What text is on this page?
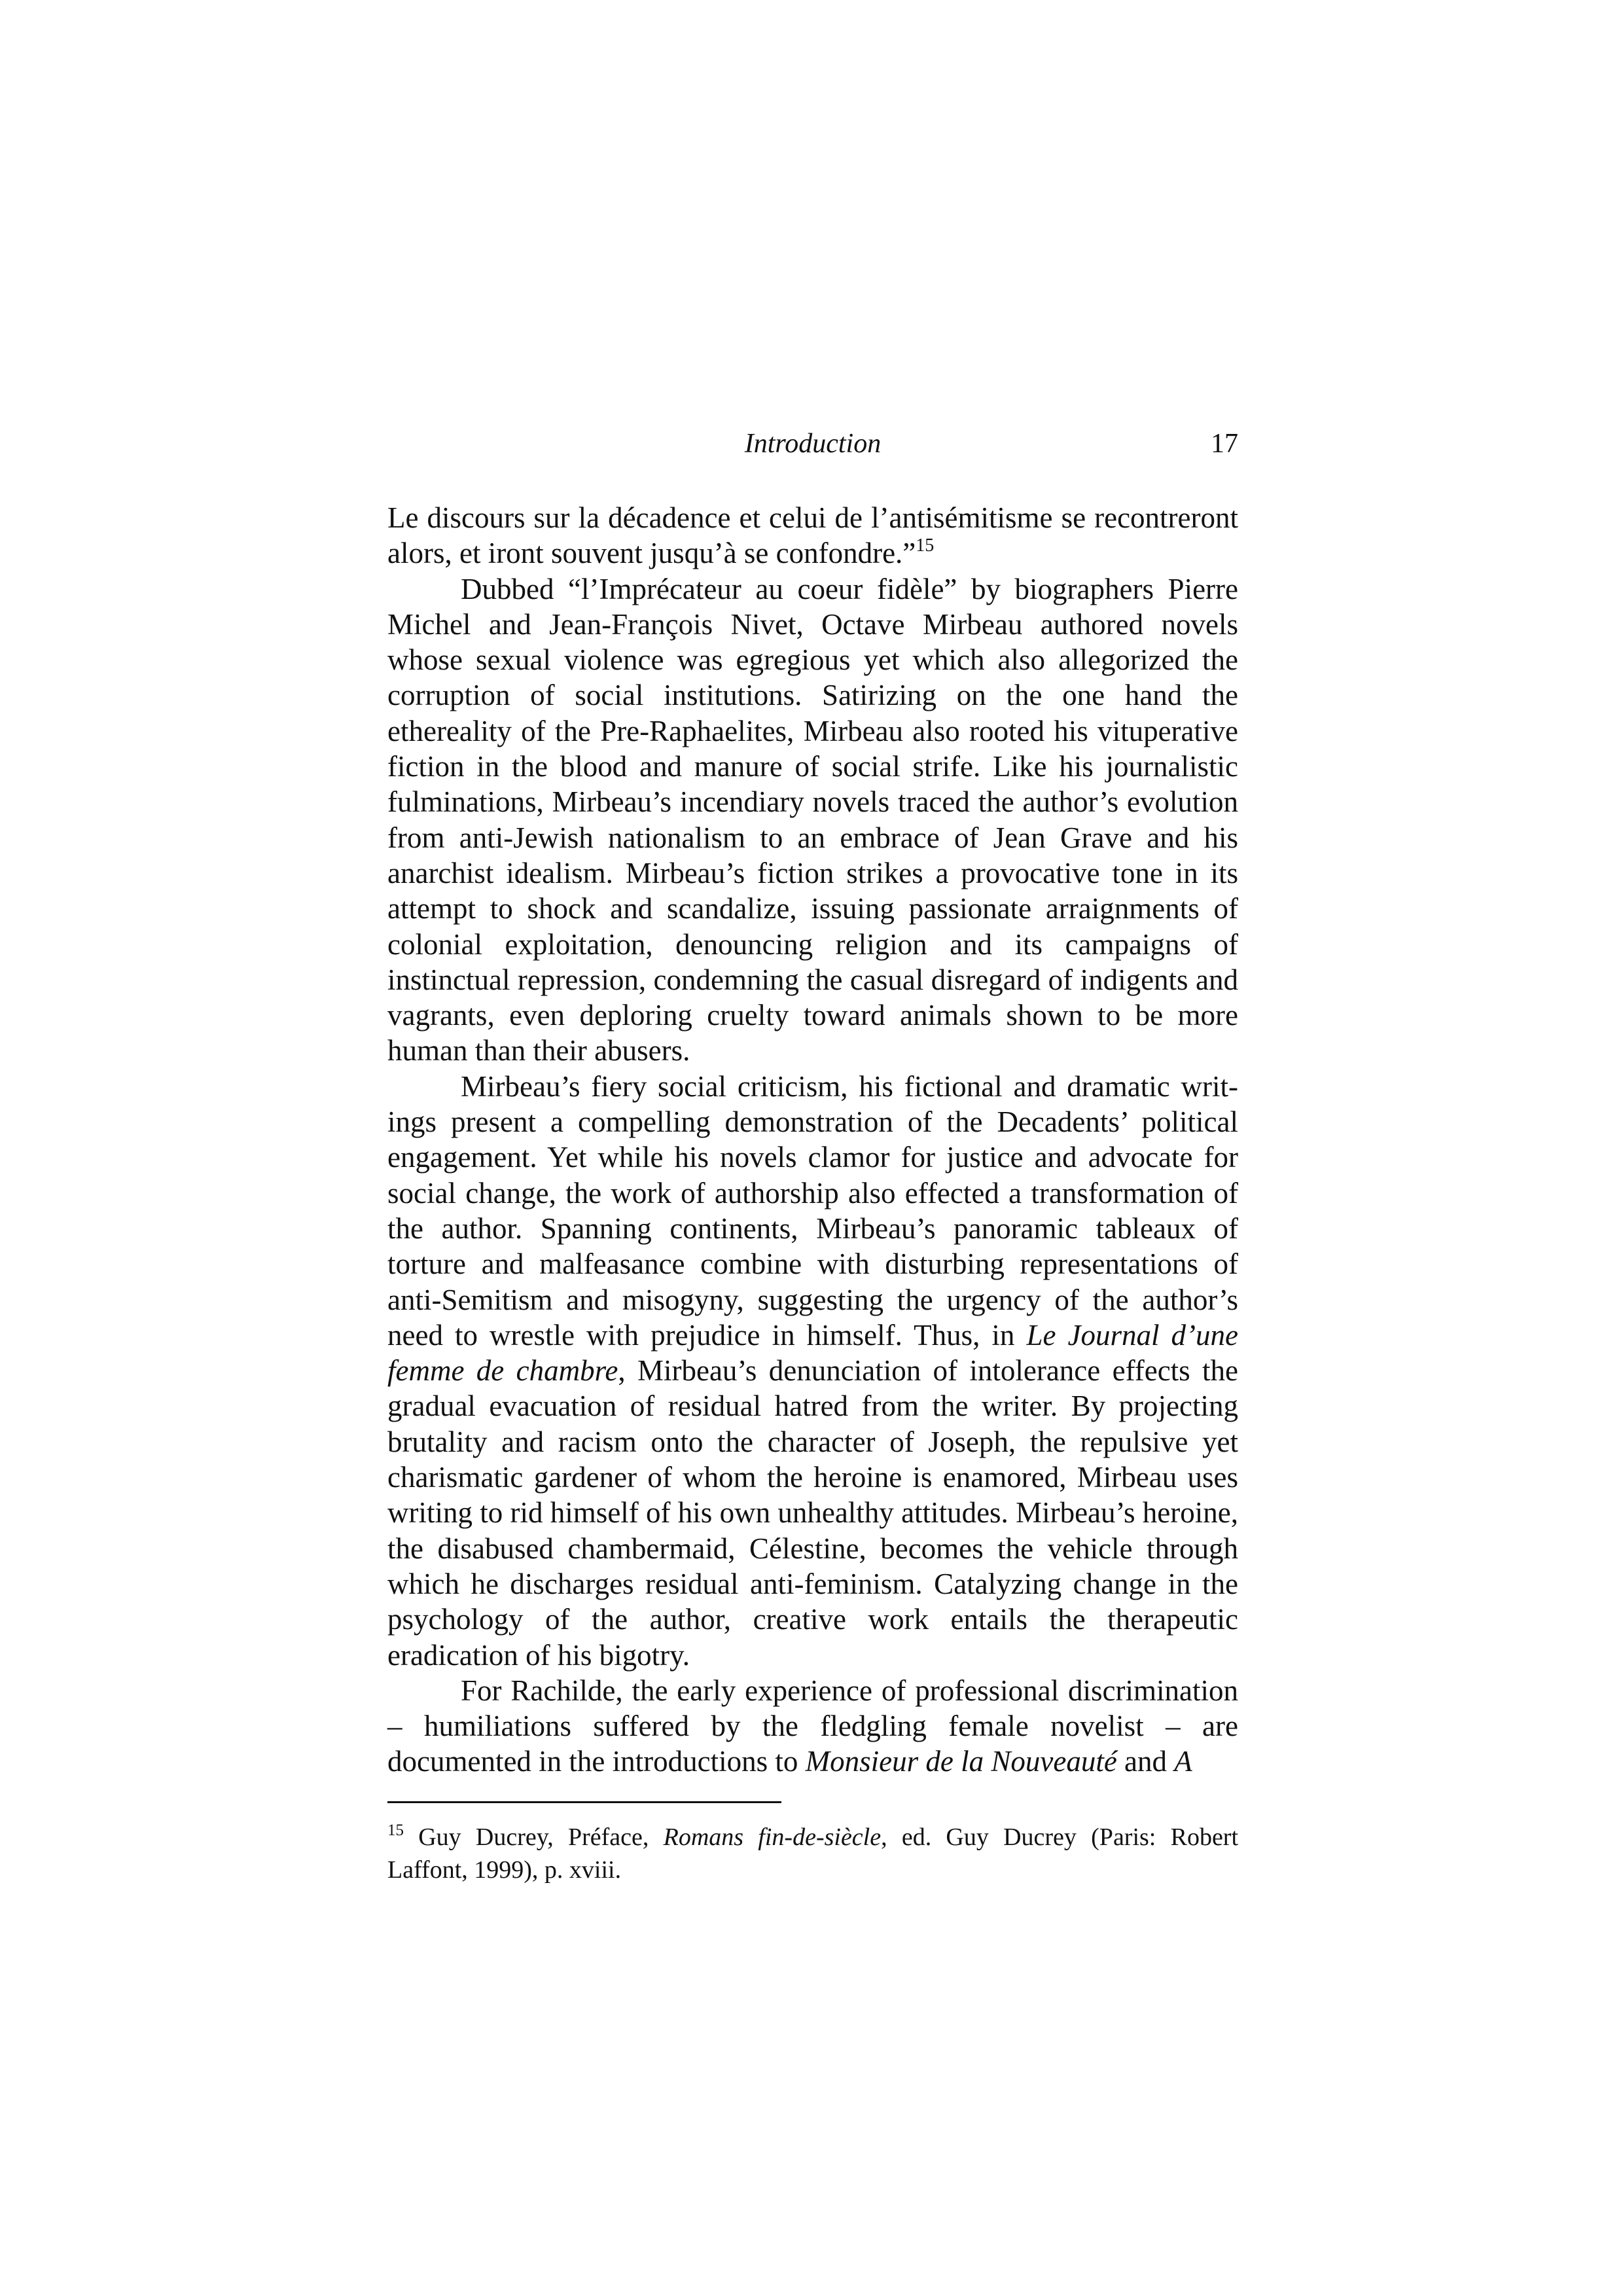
Introduction	17

Le discours sur la décadence et celui de l’antisémitisme se recontreront alors, et iront souvent jusqu’à se confondre.”$^{15}$

Dubbed “l’Imprécateur au coeur fidèle” by biographers Pierre Michel and Jean-François Nivet, Octave Mirbeau authored novels whose sexual violence was egregious yet which also allegorized the corruption of social institutions. Satirizing on the one hand the ethereality of the Pre-Raphaelites, Mirbeau also rooted his vituperative fiction in the blood and manure of social strife. Like his journalistic fulminations, Mirbeau’s incendiary novels traced the author’s evolution from anti-Jewish nationalism to an embrace of Jean Grave and his anarchist idealism. Mirbeau’s fiction strikes a provocative tone in its attempt to shock and scandalize, issuing passionate arraignments of colonial exploitation, denouncing religion and its campaigns of instinctual repression, condemning the casual disregard of indigents and vagrants, even deploring cruelty toward animals shown to be more human than their abusers.

Mirbeau’s fiery social criticism, his fictional and dramatic writings present a compelling demonstration of the Decadents’ political engagement. Yet while his novels clamor for justice and advocate for social change, the work of authorship also effected a transformation of the author. Spanning continents, Mirbeau’s panoramic tableaux of torture and malfeasance combine with disturbing representations of anti-Semitism and misogyny, suggesting the urgency of the author’s need to wrestle with prejudice in himself. Thus, in Le Journal d’une femme de chambre, Mirbeau’s denunciation of intolerance effects the gradual evacuation of residual hatred from the writer. By projecting brutality and racism onto the character of Joseph, the repulsive yet charismatic gardener of whom the heroine is enamored, Mirbeau uses writing to rid himself of his own unhealthy attitudes. Mirbeau’s heroine, the disabused chambermaid, Célestine, becomes the vehicle through which he discharges residual anti-feminism. Catalyzing change in the psychology of the author, creative work entails the therapeutic eradication of his bigotry.

For Rachilde, the early experience of professional discrimination – humiliations suffered by the fledgling female novelist – are documented in the introductions to Monsieur de la Nouveauté and A

$^{15}$ Guy Ducrey, Préface, Romans fin-de-siècle, ed. Guy Ducrey (Paris: Robert Laffont, 1999), p. xviii.
